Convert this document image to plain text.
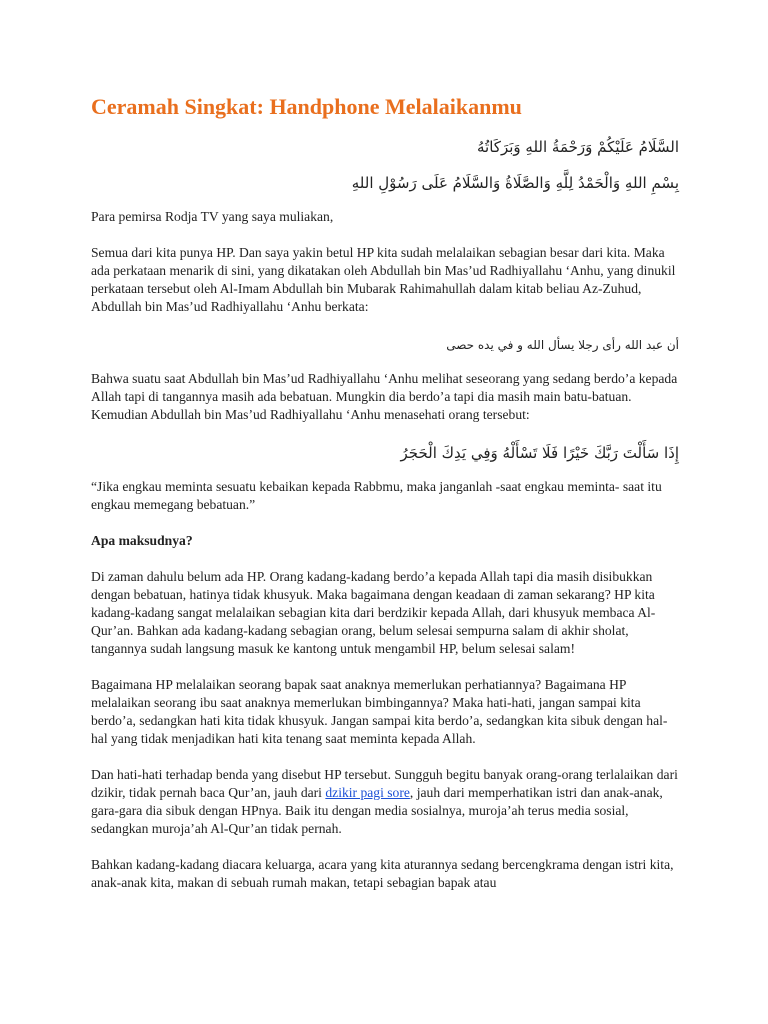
Ceramah Singkat: Handphone Melalaikanmu
السَّلَامُ عَلَيْكُمْ وَرَحْمَةُ اللهِ وَبَرَكَاتُهُ
بِسْمِ اللهِ وَالْحَمْدُ لِلَّهِ وَالصَّلَاةُ وَالسَّلَامُ عَلَى رَسُوْلِ اللهِ

Para pemirsa Rodja TV yang saya muliakan,

Semua dari kita punya HP. Dan saya yakin betul HP kita sudah melalaikan sebagian besar dari kita. Maka ada perkataan menarik di sini, yang dikatakan oleh Abdullah bin Mas’ud Radhiyallahu ‘Anhu, yang dinukil perkataan tersebut oleh Al-Imam Abdullah bin Mubarak Rahimahullah dalam kitab beliau Az-Zuhud, Abdullah bin Mas’ud Radhiyallahu ‘Anhu berkata:

أن عبد الله رأى رجلا يسأل الله و في يده حصى

Bahwa suatu saat Abdullah bin Mas’ud Radhiyallahu ‘Anhu melihat seseorang yang sedang berdo’a kepada Allah tapi di tangannya masih ada bebatuan. Mungkin dia berdo’a tapi dia masih main batu-batuan. Kemudian Abdullah bin Mas’ud Radhiyallahu ‘Anhu menasehati orang tersebut:

إِذَا سَأَلْتَ رَبَّكَ خَيْرًا فَلَا تَسْأَلْهُ وَفِي يَدِكَ الْحَجَرُ

“Jika engkau meminta sesuatu kebaikan kepada Rabbmu, maka janganlah -saat engkau meminta- saat itu engkau memegang bebatuan.”

Apa maksudnya?

Di zaman dahulu belum ada HP. Orang kadang-kadang berdo’a kepada Allah tapi dia masih disibukkan dengan bebatuan, hatinya tidak khusyuk. Maka bagaimana dengan keadaan di zaman sekarang? HP kita kadang-kadang sangat melalaikan sebagian kita dari berdzikir kepada Allah, dari khusyuk membaca Al-Qur’an. Bahkan ada kadang-kadang sebagian orang, belum selesai sempurna salam di akhir sholat, tangannya sudah langsung masuk ke kantong untuk mengambil HP, belum selesai salam!

Bagaimana HP melalaikan seorang bapak saat anaknya memerlukan perhatiannya? Bagaimana HP melalaikan seorang ibu saat anaknya memerlukan bimbingannya? Maka hati-hati, jangan sampai kita berdo’a, sedangkan hati kita tidak khusyuk. Jangan sampai kita berdo’a, sedangkan kita sibuk dengan hal-hal yang tidak menjadikan hati kita tenang saat meminta kepada Allah.

Dan hati-hati terhadap benda yang disebut HP tersebut. Sungguh begitu banyak orang-orang terlalaikan dari dzikir, tidak pernah baca Qur’an, jauh dari dzikir pagi sore, jauh dari memperhatikan istri dan anak-anak, gara-gara dia sibuk dengan HPnya. Baik itu dengan media sosialnya, muroja’ah terus media sosial, sedangkan muroja’ah Al-Qur’an tidak pernah.

Bahkan kadang-kadang diacara keluarga, acara yang kita aturannya sedang bercengkrama dengan istri kita, anak-anak kita, makan di sebuah rumah makan, tetapi sebagian bapak atau
